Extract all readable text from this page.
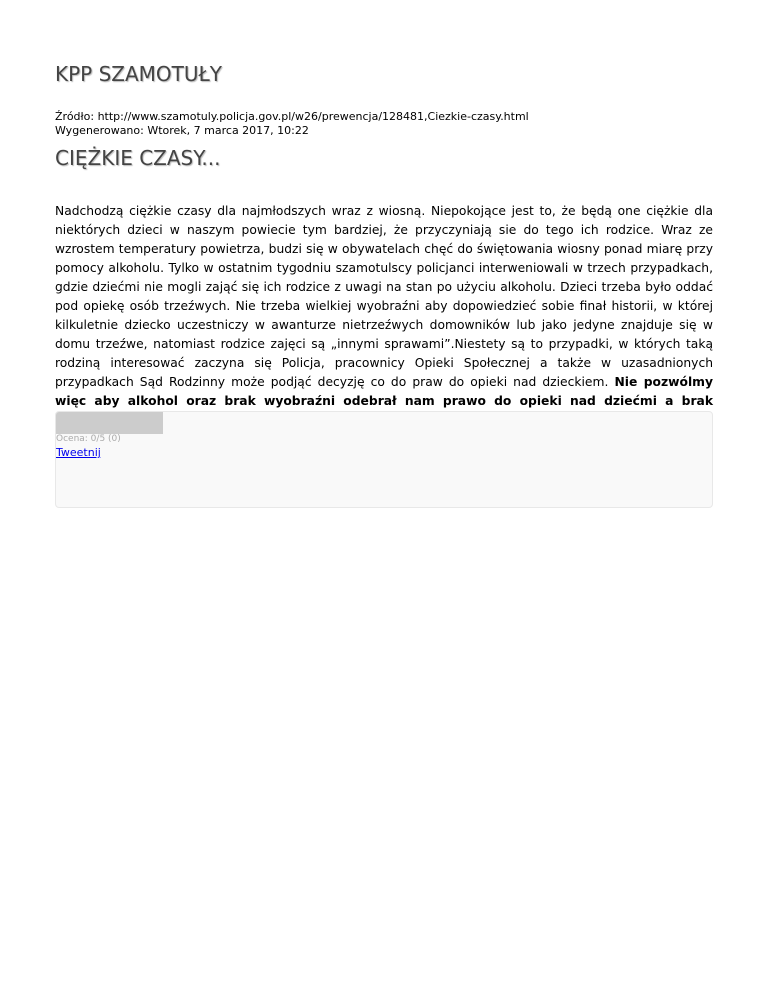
KPP SZAMOTUŁY
Źródło: http://www.szamotuly.policja.gov.pl/w26/prewencja/128481,Ciezkie-czasy.html
Wygenerowano: Wtorek, 7 marca 2017, 10:22
CIĘŻKIE CZASY...

Nadchodzą ciężkie czasy dla najmłodszych wraz z wiosną. Niepokojące jest to, że będą one ciężkie dla niektórych dzieci w naszym powiecie tym bardziej, że przyczyniają sie do tego ich rodzice. Wraz ze wzrostem temperatury powietrza, budzi się w obywatelach chęć do świętowania wiosny ponad miarę przy pomocy alkoholu. Tylko w ostatnim tygodniu szamotulscy policjanci interweniowali w trzech przypadkach, gdzie dziećmi nie mogli zająć się ich rodzice z uwagi na stan po użyciu alkoholu. Dzieci trzeba było oddać pod opiekę osób trzeźwych. Nie trzeba wielkiej wyobraźni aby dopowiedzieć sobie finał historii, w której kilkuletnie dziecko uczestniczy w awanturze nietrzeźwych domowników lub jako jedyne znajduje się w domu trzeźwe, natomiast rodzice zajęci są „innymi sprawami”.Niestety są to przypadki, w których taką rodziną interesować zaczyna się Policja, pracownicy Opieki Społecznej a także w uzasadnionych przypadkach Sąd Rodzinny może podjąć decyzję co do praw do opieki nad dzieckiem. Nie pozwólmy więc aby alkohol oraz brak wyobraźni odebrał nam prawo do opieki nad dziećmi a brak

Ocena: 0/5 (0)
Tweetnij
